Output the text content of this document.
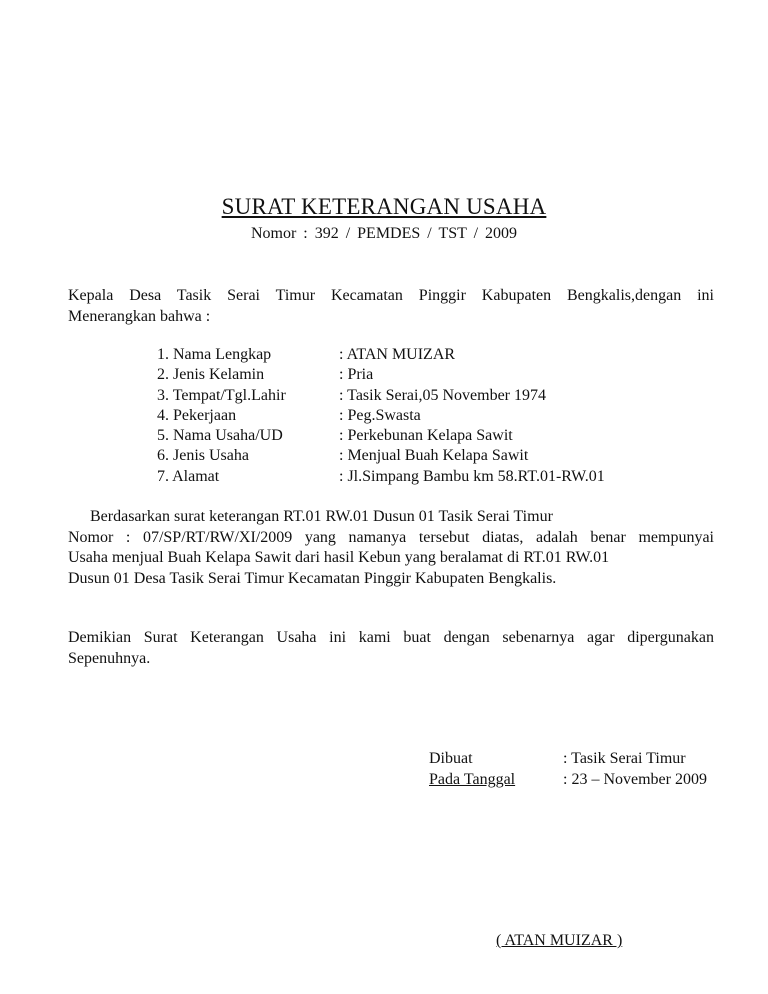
SURAT KETERANGAN USAHA
Nomor : 392 / PEMDES / TST / 2009
Kepala Desa Tasik Serai Timur Kecamatan Pinggir Kabupaten Bengkalis,dengan ini
Menerangkan bahwa :
1. Nama Lengkap	: ATAN MUIZAR
2. Jenis Kelamin	: Pria
3. Tempat/Tgl.Lahir	: Tasik Serai,05 November 1974
4. Pekerjaan	: Peg.Swasta
5. Nama Usaha/UD	: Perkebunan Kelapa Sawit
6. Jenis Usaha	: Menjual Buah Kelapa Sawit
7. Alamat	: Jl.Simpang Bambu km 58.RT.01-RW.01
Berdasarkan surat keterangan RT.01 RW.01 Dusun 01 Tasik Serai Timur
Nomor : 07/SP/RT/RW/XI/2009 yang namanya tersebut diatas, adalah benar mempunyai
Usaha menjual Buah Kelapa Sawit dari hasil Kebun yang beralamat di RT.01 RW.01
Dusun 01 Desa Tasik Serai Timur Kecamatan Pinggir Kabupaten Bengkalis.
Demikian Surat Keterangan Usaha ini kami buat dengan sebenarnya agar dipergunakan
Sepenuhnya.
Dibuat	: Tasik Serai Timur
Pada Tanggal	: 23 – November 2009
( ATAN MUIZAR )
